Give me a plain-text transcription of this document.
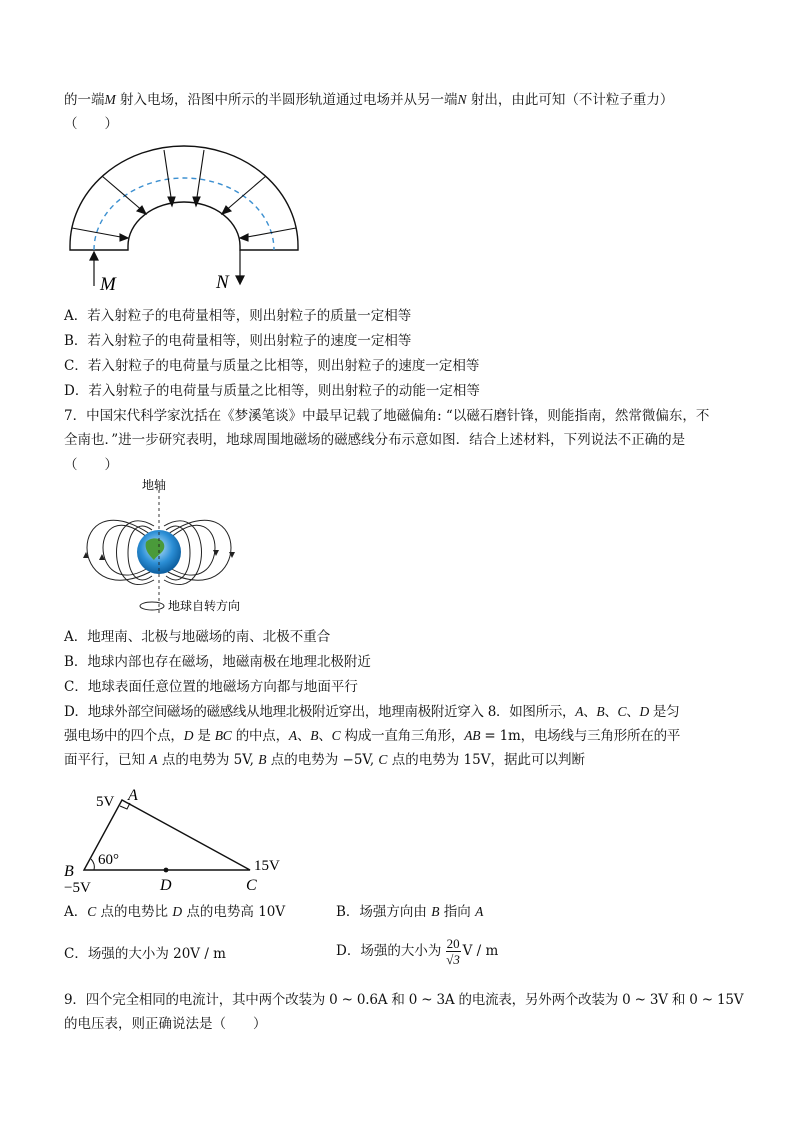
的一端M 射入电场，沿图中所示的半圆形轨道通过电场并从另一端N 射出，由此可知（不计粒子重力）
（　　）
M	N
A．若入射粒子的电荷量相等，则出射粒子的质量一定相等
B．若入射粒子的电荷量相等，则出射粒子的速度一定相等
C．若入射粒子的电荷量与质量之比相等，则出射粒子的速度一定相等
D．若入射粒子的电荷量与质量之比相等，则出射粒子的动能一定相等
7．中国宋代科学家沈括在《梦溪笔谈》中最早记载了地磁偏角: “以磁石磨针锋，则能指南，然常微偏东，不
全南也．”进一步研究表明，地球周围地磁场的磁感线分布示意如图．结合上述材料，下列说法不正确的是
（　　）
地轴
地球自转方向
A．地理南、北极与地磁场的南、北极不重合
B．地球内部也存在磁场，地磁南极在地理北极附近
C．地球表面任意位置的地磁场方向都与地面平行
D．地球外部空间磁场的磁感线从地理北极附近穿出，地理南极附近穿入 8．如图所示，A、B、C、D 是匀
强电场中的四个点，D 是 BC 的中点，A、B、C 构成一直角三角形，AB = 1m，电场线与三角形所在的平
面平行，已知 A 点的电势为 5V, B 点的电势为 −5V, C 点的电势为 15V，据此可以判断
A
5V
B
−5V
60°
D	C
15V
A．C 点的电势比 D 点的电势高 10V	B．场强方向由 B 指向 A
C．场强的大小为 20V / m	D．场强的大小为 $\frac{20}{√3}$ V / m
9．四个完全相同的电流计，其中两个改装为 0 ~ 0.6A 和 0 ~ 3A 的电流表，另外两个改装为 0 ~ 3V 和 0 ~ 15V
的电压表，则正确说法是（　　）
